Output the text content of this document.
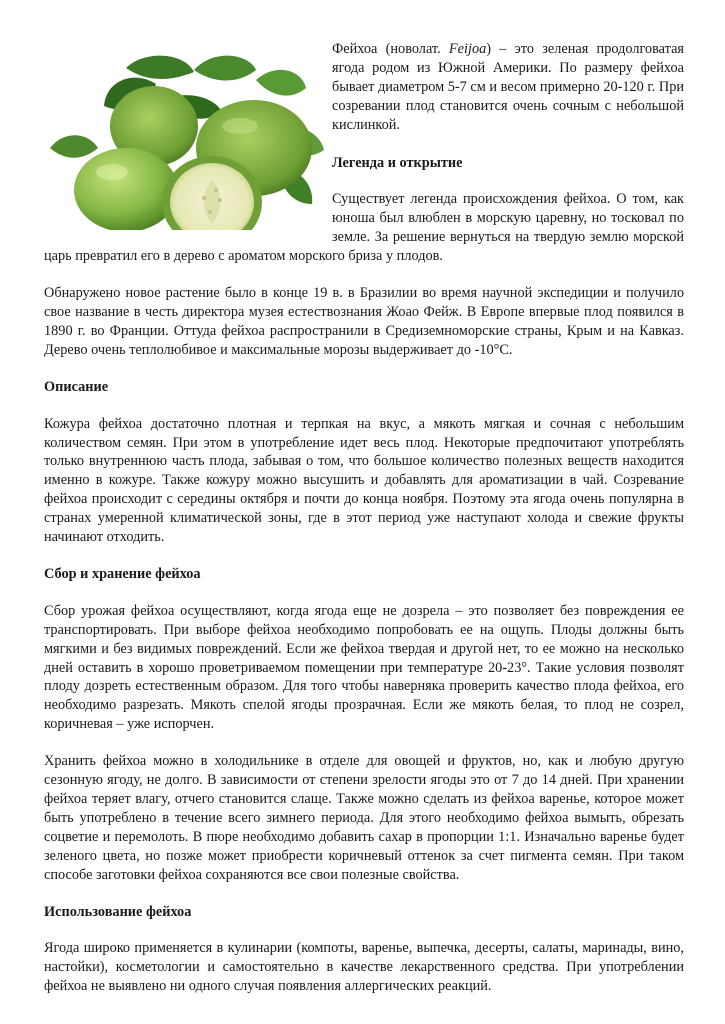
Фейхоа (новолат. Feijoa) – это зеленая продолговатая ягода родом из Южной Америки. По размеру фейхоа бывает диаметром 5-7 см и весом примерно 20-120 г. При созревании плод становится очень сочным с небольшой кислинкой.

Легенда и открытие

Существует легенда происхождения фейхоа. О том, как юноша был влюблен в морскую царевну, но тосковал по земле. За решение вернуться на твердую землю морской царь превратил его в дерево с ароматом морского бриза у плодов.

Обнаружено новое растение было в конце 19 в. в Бразилии во время научной экспедиции и получило свое название в честь директора музея естествознания Жоао Фейж. В Европе впервые плод появился в 1890 г. во Франции. Оттуда фейхоа распространили в Средиземноморские страны, Крым и на Кавказ. Дерево очень теплолюбивое и максимальные морозы выдерживает до -10°С.

Описание

Кожура фейхоа достаточно плотная и терпкая на вкус, а мякоть мягкая и сочная с небольшим количеством семян. При этом в употребление идет весь плод. Некоторые предпочитают употреблять только внутреннюю часть плода, забывая о том, что большое количество полезных веществ находится именно в кожуре. Также кожуру можно высушить и добавлять для ароматизации в чай. Созревание фейхоа происходит с середины октября и почти до конца ноября. Поэтому эта ягода очень популярна в странах умеренной климатической зоны, где в этот период уже наступают холода и свежие фрукты начинают отходить.

Сбор и хранение фейхоа

Сбор урожая фейхоа осуществляют, когда ягода еще не дозрела – это позволяет без повреждения ее транспортировать. При выборе фейхоа необходимо попробовать ее на ощупь. Плоды должны быть мягкими и без видимых повреждений. Если же фейхоа твердая и другой нет, то ее можно на несколько дней оставить в хорошо проветриваемом помещении при температуре 20-23°. Такие условия позволят плоду дозреть естественным образом. Для того чтобы наверняка проверить качество плода фейхоа, его необходимо разрезать. Мякоть спелой ягоды прозрачная. Если же мякоть белая, то плод не созрел, коричневая – уже испорчен.

Хранить фейхоа можно в холодильнике в отделе для овощей и фруктов, но, как и любую другую сезонную ягоду, не долго. В зависимости от степени зрелости ягоды это от 7 до 14 дней. При хранении фейхоа теряет влагу, отчего становится слаще. Также можно сделать из фейхоа варенье, которое может быть употреблено в течение всего зимнего периода. Для этого необходимо фейхоа вымыть, обрезать соцветие и перемолоть. В пюре необходимо добавить сахар в пропорции 1:1. Изначально варенье будет зеленого цвета, но позже может приобрести коричневый оттенок за счет пигмента семян. При таком способе заготовки фейхоа сохраняются все свои полезные свойства.

Использование фейхоа

Ягода широко применяется в кулинарии (компоты, варенье, выпечка, десерты, салаты, маринады, вино, настойки), косметологии и самостоятельно в качестве лекарственного средства. При употреблении фейхоа не выявлено ни одного случая появления аллергических реакций.
